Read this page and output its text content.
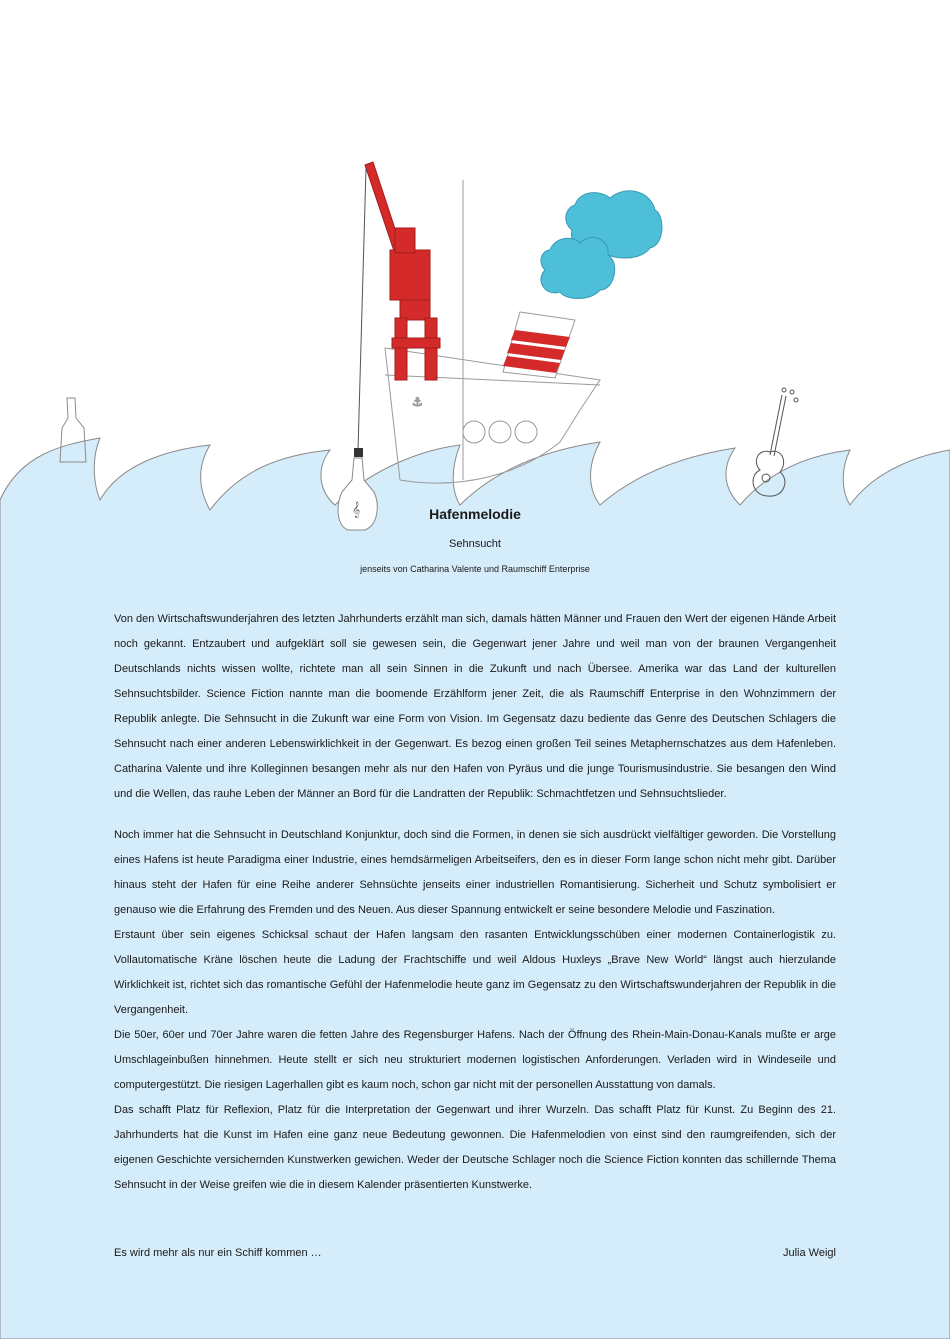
⚓
𝄞	Hafenmelodie
Sehnsucht
jenseits von Catharina Valente und Raumschiff Enterprise

Von den Wirtschaftswunderjahren des letzten Jahrhunderts erzählt man sich, damals hätten Männer und Frauen den Wert der eigenen Hände Arbeit noch gekannt. Entzaubert und aufgeklärt soll sie gewesen sein, die Gegenwart jener Jahre und weil man von der braunen Vergangenheit Deutschlands nichts wissen wollte, richtete man all sein Sinnen in die Zukunft und nach Übersee. Amerika war das Land der kulturellen Sehnsuchtsbilder. Science Fiction nannte man die boomende Erzählform jener Zeit, die als Raumschiff Enterprise in den Wohnzimmern der Republik anlegte. Die Sehnsucht in die Zukunft war eine Form von Vision. Im Gegensatz dazu bediente das Genre des Deutschen Schlagers die Sehnsucht nach einer anderen Lebenswirklichkeit in der Gegenwart. Es bezog einen großen Teil seines Metaphernschatzes aus dem Hafenleben. Catharina Valente und ihre Kolleginnen besangen mehr als nur den Hafen von Pyräus und die junge Tourismusindustrie. Sie besangen den Wind und die Wellen, das rauhe Leben der Männer an Bord für die Landratten der Republik: Schmachtfetzen und Sehnsuchtslieder.

Noch immer hat die Sehnsucht in Deutschland Konjunktur, doch sind die Formen, in denen sie sich ausdrückt vielfältiger geworden. Die Vorstellung eines Hafens ist heute Paradigma einer Industrie, eines hemdsärmeligen Arbeitseifers, den es in dieser Form lange schon nicht mehr gibt. Darüber hinaus steht der Hafen für eine Reihe anderer Sehnsüchte jenseits einer industriellen Romantisierung. Sicherheit und Schutz symbolisiert er genauso wie die Erfahrung des Fremden und des Neuen. Aus dieser Spannung entwickelt er seine besondere Melodie und Faszination.

Erstaunt über sein eigenes Schicksal schaut der Hafen langsam den rasanten Entwicklungsschüben einer modernen Containerlogistik zu. Vollautomatische Kräne löschen heute die Ladung der Frachtschiffe und weil Aldous Huxleys „Brave New World“ längst auch hierzulande Wirklichkeit ist, richtet sich das romantische Gefühl der Hafenmelodie heute ganz im Gegensatz zu den Wirtschaftswunderjahren der Republik in die Vergangenheit.

Die 50er, 60er und 70er Jahre waren die fetten Jahre des Regensburger Hafens. Nach der Öffnung des Rhein-Main-Donau-Kanals mußte er arge Umschlageinbußen hinnehmen. Heute stellt er sich neu strukturiert modernen logistischen Anforderungen. Verladen wird in Windeseile und computergestützt. Die riesigen Lagerhallen gibt es kaum noch, schon gar nicht mit der personellen Ausstattung von damals.

Das schafft Platz für Reflexion, Platz für die Interpretation der Gegenwart und ihrer Wurzeln. Das schafft Platz für Kunst. Zu Beginn des 21. Jahrhunderts hat die Kunst im Hafen eine ganz neue Bedeutung gewonnen. Die Hafenmelodien von einst sind den raumgreifenden, sich der eigenen Geschichte versichernden Kunstwerken gewichen. Weder der Deutsche Schlager noch die Science Fiction konnten das schillernde Thema Sehnsucht in der Weise greifen wie die in diesem Kalender präsentierten Kunstwerke.

Es wird mehr als nur ein Schiff kommen …	Julia Weigl
